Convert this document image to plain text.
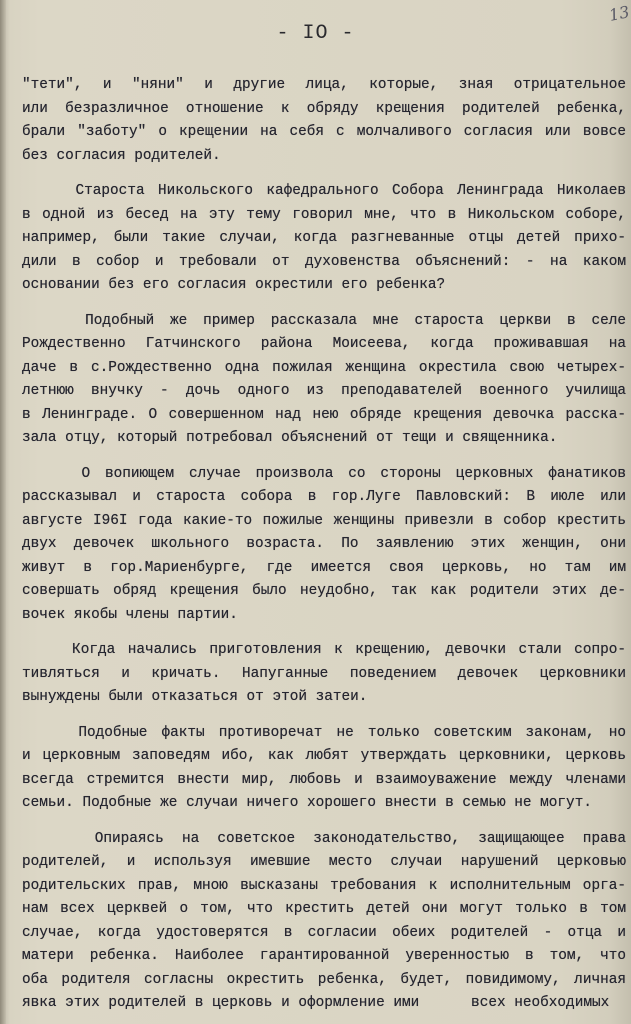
13
- IO -
"тети", и "няни" и другие лица, которые, зная отрицательное
или безразличное отношение к обряду крещения родителей ребенка,
брали "заботу" о крещении на себя с молчаливого согласия или вовсе
без согласия родителей.
Староста Никольского кафедрального Собора Ленинграда Николаев
в одной из бесед на эту тему говорил мне, что в Никольском соборе,
например, были такие случаи, когда разгневанные отцы детей прихо-
дили в собор и требовали от духовенства объяснений: - на каком
основании без его согласия окрестили его ребенка?
Подобный же пример рассказала мне староста церкви в селе
Рождественно Гатчинского района Моисеева, когда проживавшая на
даче в с.Рождественно одна пожилая женщина окрестила свою четырех-
летнюю внучку - дочь одного из преподавателей военного училища
в Ленинграде. О совершенном над нею обряде крещения девочка расска-
зала отцу, который потребовал объяснений от тещи и священника.
О вопиющем случае произвола со стороны церковных фанатиков
рассказывал и староста собора в гор.Луге Павловский: В июле или
августе I96I года какие-то пожилые женщины привезли в собор крестить
двух девочек школьного возраста. По заявлению этих женщин, они
живут в гор.Мариенбурге, где имеется своя церковь, но там им
совершать обряд крещения было неудобно, так как родители этих де-
вочек якобы члены партии.
Когда начались приготовления к крещению, девочки стали сопро-
тивляться и кричать. Напуганные поведением девочек церковники
вынуждены были отказаться от этой затеи.
Подобные факты противоречат не только советским законам, но
и церковным заповедям ибо, как любят утверждать церковники, церковь
всегда стремится внести мир, любовь и взаимоуважение между членами
семьи. Подобные же случаи ничего хорошего внести в семью не могут.
Опираясь на советское законодательство, защищающее права
родителей, и используя имевшие место случаи нарушений церковью
родительских прав, мною высказаны требования к исполнительным орга-
нам всех церквей о том, что крестить детей они могут только в том
случае, когда удостоверятся в согласии обеих родителей - отца и
матери ребенка. Наиболее гарантированной уверенностью в том, что
оба родителя согласны окрестить ребенка, будет, повидимому, личная
явка этих родителей в церковь и оформление ими      всех необходимых
